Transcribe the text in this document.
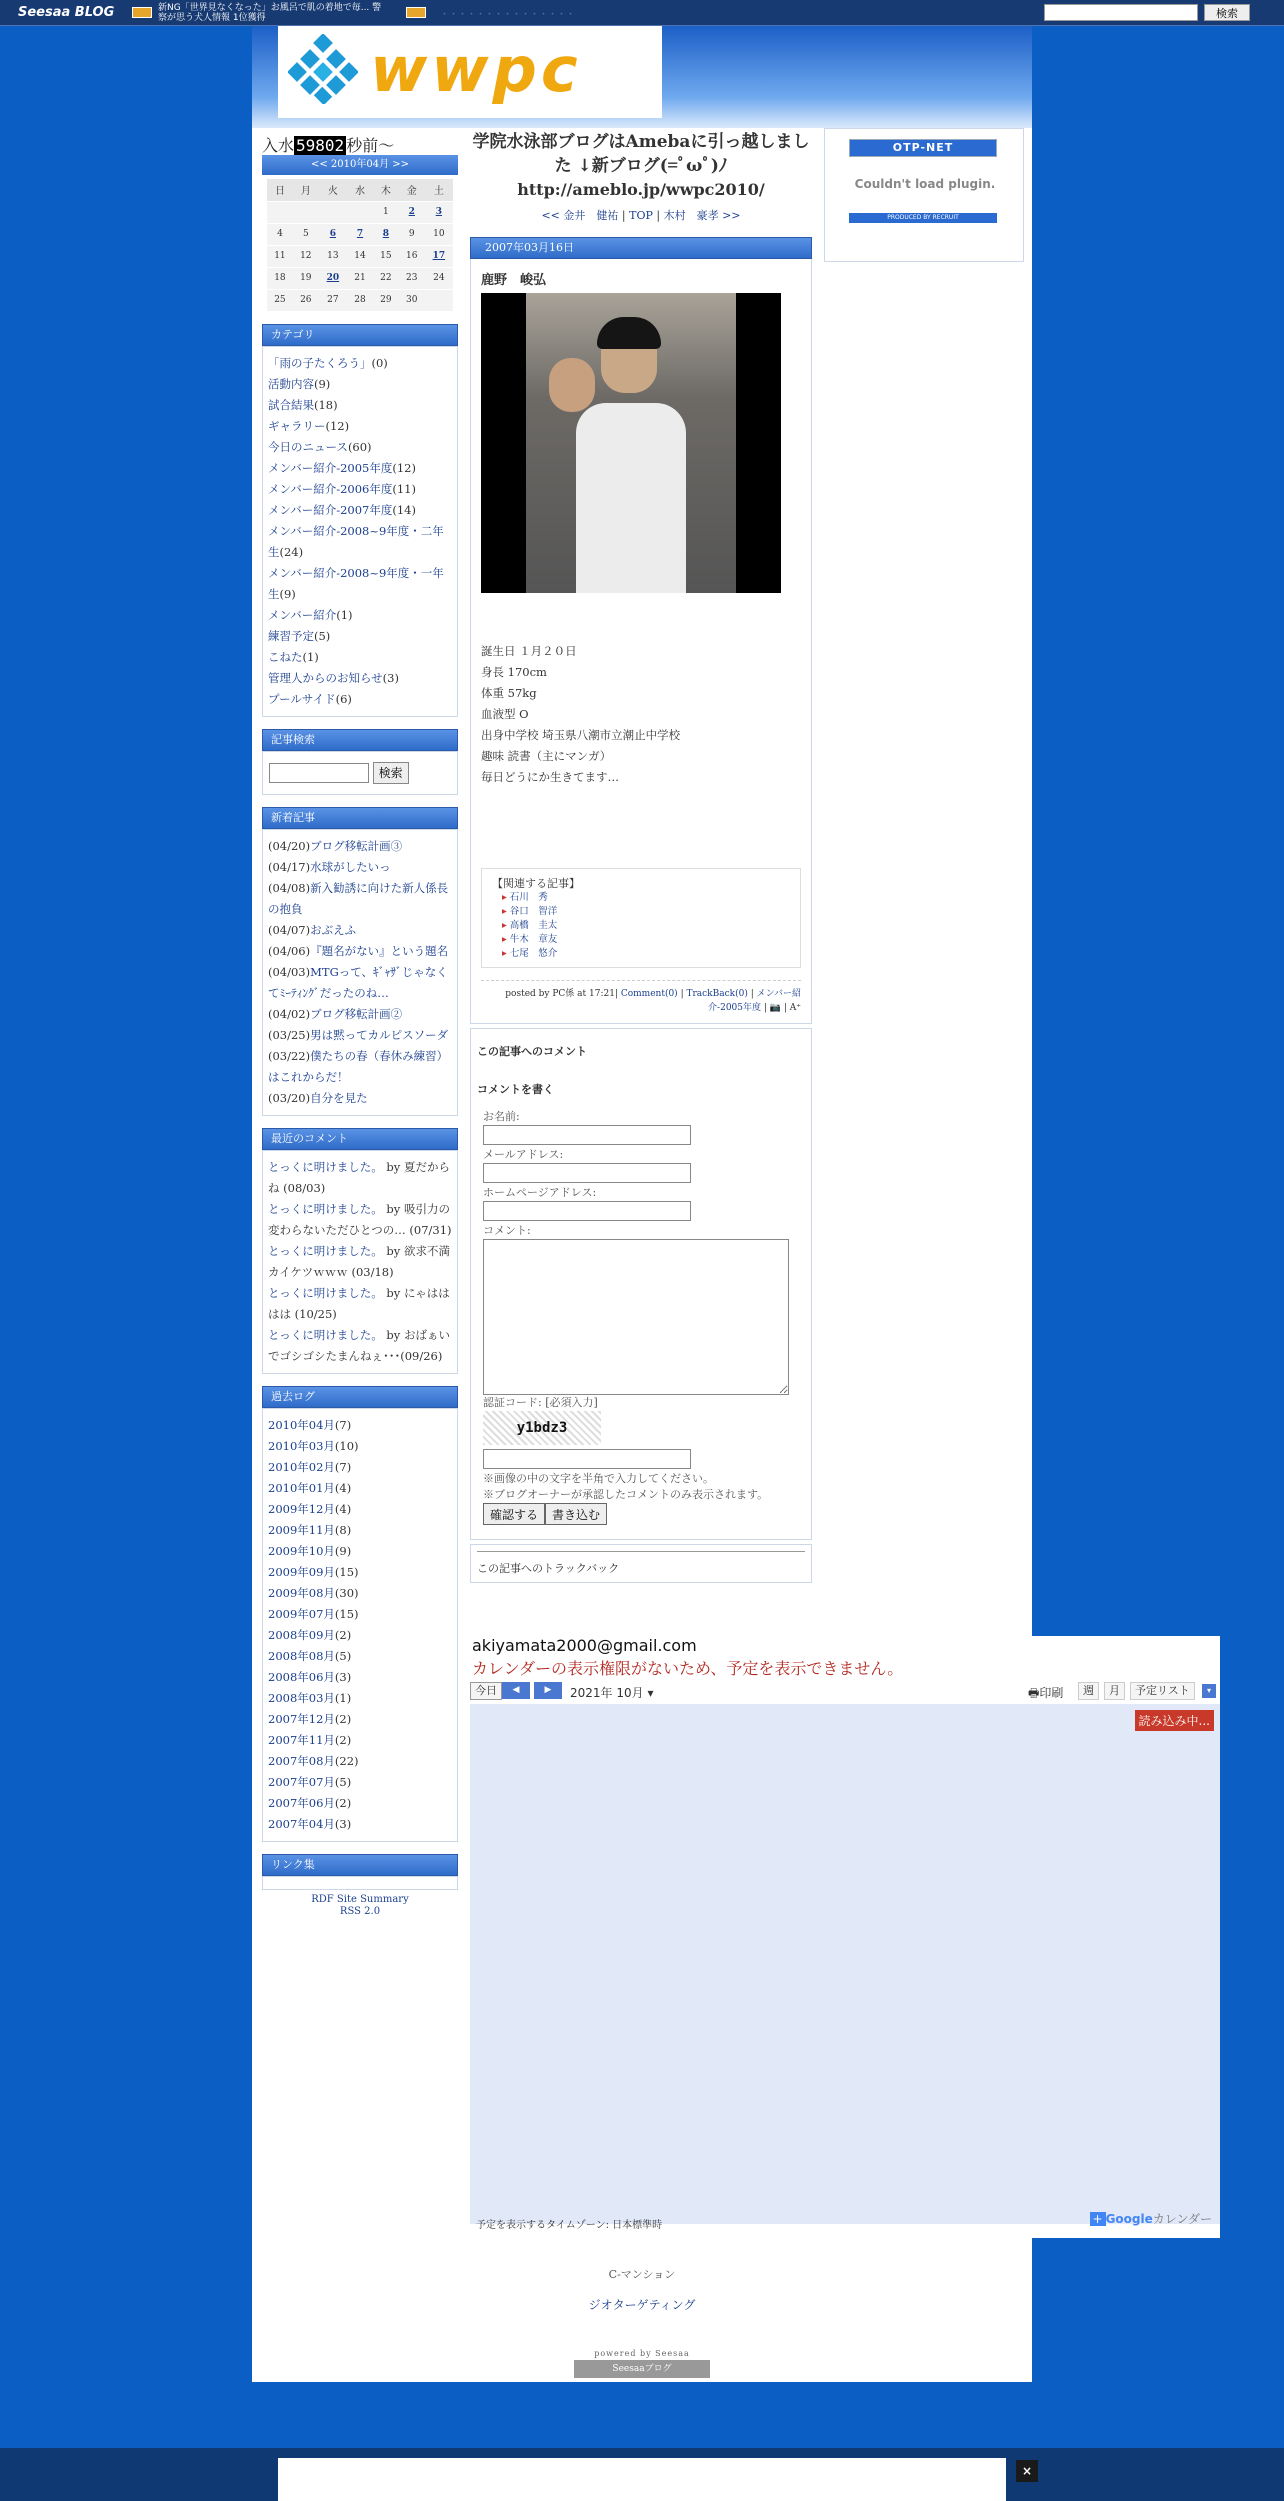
Seesaa BLOG	新NG「世界見なくなった」お風呂で肌の着地で毎... 警察が思う犬人情報 1位獲得	・・・・・・・・・・・・・・・	検索
wwpc
入水 59802 秒前～
<< 2010年04月 >>
日	月	火	水	木	金	土
				1	2	3
4	5	6	7	8	9	10
11	12	13	14	15	16	17
18	19	20	21	22	23	24
25	26	27	28	29	30	
カテゴリ
「雨の子たくろう」(0)
活動内容(9)
試合結果(18)
ギャラリー(12)
今日のニュース(60)
メンバー紹介-2005年度(12)
メンバー紹介-2006年度(11)
メンバー紹介-2007年度(14)
メンバー紹介-2008~9年度・二年生(24)
メンバー紹介-2008~9年度・一年生(9)
メンバー紹介(1)
練習予定(5)
こねた(1)
管理人からのお知らせ(3)
プールサイド(6)
記事検索
検索
新着記事
(04/20)ブログ移転計画③
(04/17)水球がしたいっ
(04/08)新入勧誘に向けた新人係長の抱負
(04/07)おぶえふ
(04/06)『題名がない』という題名
(04/03)MTGって、ｷﾞｬｻﾞじゃなくてﾐｰﾃｨﾝｸﾞだったのね…
(04/02)ブログ移転計画②
(03/25)男は黙ってカルピスソーダ
(03/22)僕たちの春（春休み練習）はこれからだ！
(03/20)自分を見た
最近のコメント
とっくに明けました。 by 夏だからね (08/03)
とっくに明けました。 by 吸引力の変わらないただひとつの… (07/31)
とっくに明けました。 by 欲求不満カイケツｗｗｗ (03/18)
とっくに明けました。 by にゃはははは (10/25)
とっくに明けました。 by おばぁいでゴシゴシたまんねぇ･･･(09/26)
過去ログ
2010年04月(7)
2010年03月(10)
2010年02月(7)
2010年01月(4)
2009年12月(4)
2009年11月(8)
2009年10月(9)
2009年09月(15)
2009年08月(30)
2009年07月(15)
2008年09月(2)
2008年08月(5)
2008年06月(3)
2008年03月(1)
2007年12月(2)
2007年11月(2)
2007年08月(22)
2007年07月(5)
2007年06月(2)
2007年04月(3)
リンク集
RDF Site Summary
RSS 2.0
学院水泳部ブログはAmebaに引っ越しました ↓新ブログ(=ﾟωﾟ)ﾉ
http://ameblo.jp/wwpc2010/
<< 金井　健祐 | TOP | 木村　豪孝 >>
2007年03月16日
鹿野　峻弘
誕生日 １月２０日
身長 170cm
体重 57kg
血液型 O
出身中学校 埼玉県八潮市立潮止中学校
趣味 読書（主にマンガ）
毎日どうにか生きてます…
【関連する記事】
▸ 石川　秀
▸ 谷口　智洋
▸ 高橋　圭太
▸ 牛木　章友
▸ 七尾　悠介
posted by PC係 at 17:21| Comment(0) | TrackBack(0) | メンバー紹介-2005年度 | 📷 | A⁺
この記事へのコメント
コメントを書く
お名前:
メールアドレス:
ホームページアドレス:
コメント:
認証コード: [必須入力]
y1bdz3
※画像の中の文字を半角で入力してください。
※ブログオーナーが承認したコメントのみ表示されます。
確認する 書き込む
この記事へのトラックバック
OTP-NET
Couldn't load plugin.
PRODUCED BY RECRUIT
C-マンション
ジオターゲティング
powered by Seesaa
Seesaaブログ
akiyamata2000@gmail.com
カレンダーの表示権限がないため、予定を表示できません。
今日	◀	▶	2021年 10月 ▾	🖶印刷	週	月	予定リスト	▾
読み込み中...
予定を表示するタイムゾーン: 日本標準時	+ Googleカレンダー
×
